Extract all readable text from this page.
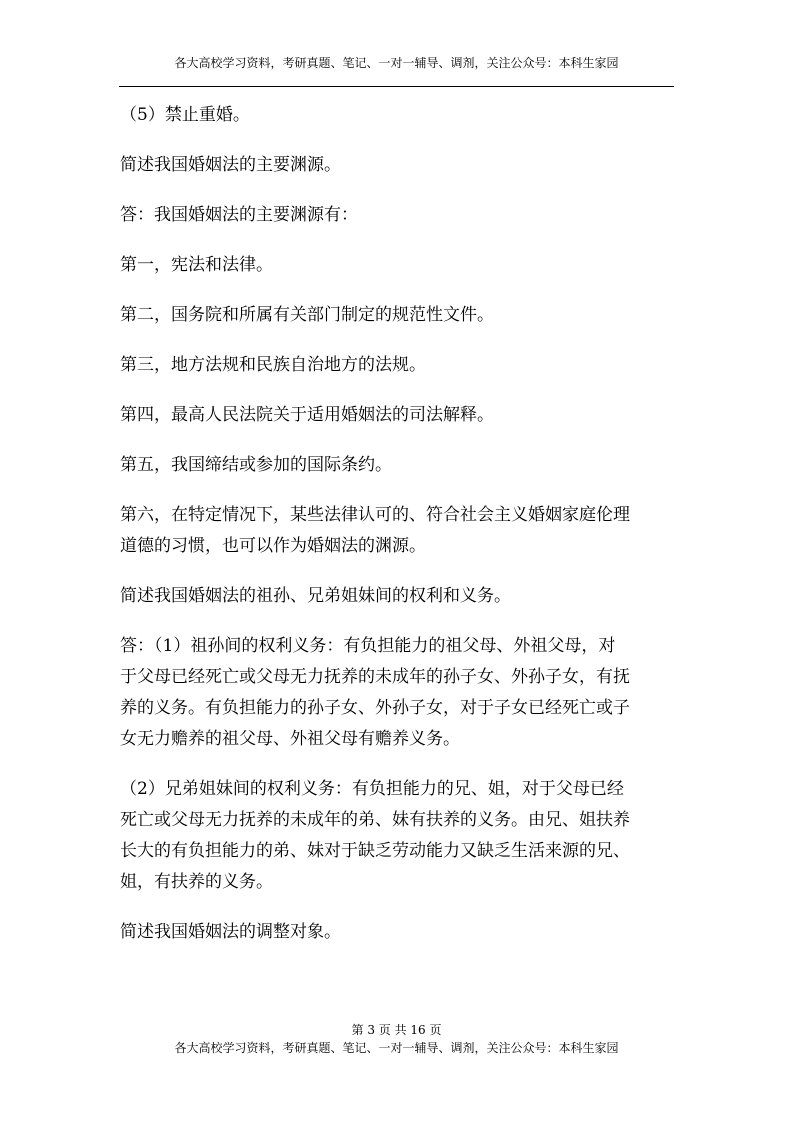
各大高校学习资料，考研真题、笔记、一对一辅导、调剂，关注公众号：本科生家园

（5）禁止重婚。

简述我国婚姻法的主要渊源。

答：我国婚姻法的主要渊源有：

第一，宪法和法律。

第二，国务院和所属有关部门制定的规范性文件。

第三，地方法规和民族自治地方的法规。

第四，最高人民法院关于适用婚姻法的司法解释。

第五，我国缔结或参加的国际条约。

第六，在特定情况下，某些法律认可的、符合社会主义婚姻家庭伦理

道德的习惯，也可以作为婚姻法的渊源。

简述我国婚姻法的祖孙、兄弟姐妹间的权利和义务。

答：（1）祖孙间的权利义务：有负担能力的祖父母、外祖父母，对

于父母已经死亡或父母无力抚养的未成年的孙子女、外孙子女，有抚

养的义务。有负担能力的孙子女、外孙子女，对于子女已经死亡或子

女无力赡养的祖父母、外祖父母有赡养义务。

（2）兄弟姐妹间的权利义务：有负担能力的兄、姐，对于父母已经

死亡或父母无力抚养的未成年的弟、妹有扶养的义务。由兄、姐扶养

长大的有负担能力的弟、妹对于缺乏劳动能力又缺乏生活来源的兄、

姐，有扶养的义务。

简述我国婚姻法的调整对象。

第 3 页 共 16 页
各大高校学习资料，考研真题、笔记、一对一辅导、调剂，关注公众号：本科生家园
